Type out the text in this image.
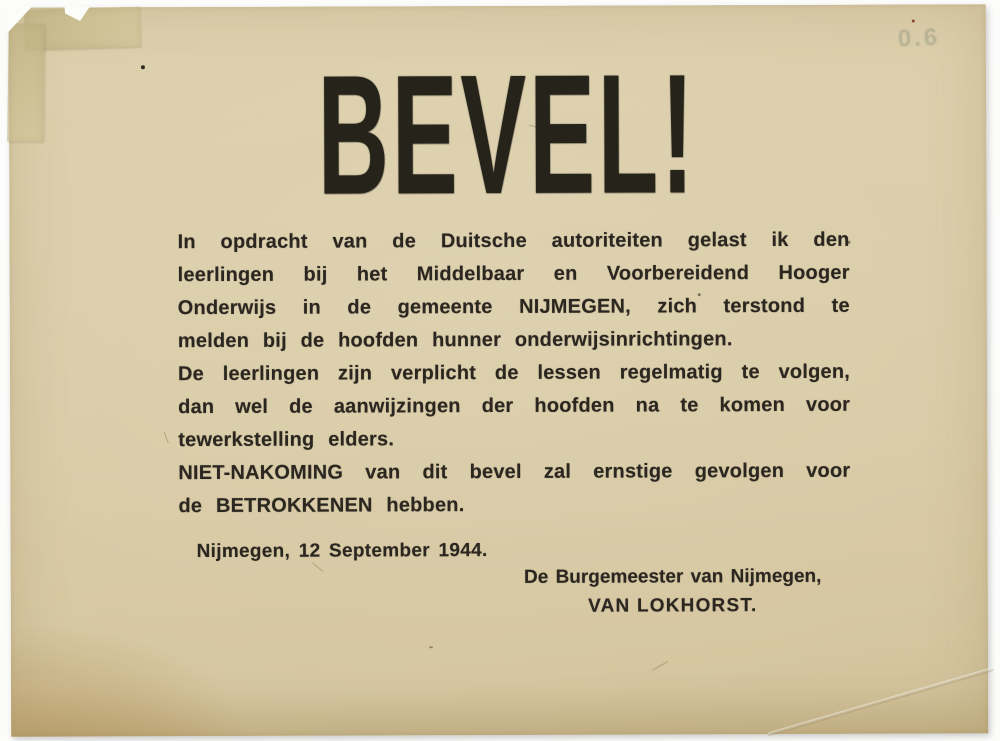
0.6
BEVEL!

In opdracht van de Duitsche autoriteiten gelast ik den
leerlingen bij het Middelbaar en Voorbereidend Hooger
Onderwijs in de gemeente NIJMEGEN, zich terstond te
melden bij de hoofden hunner onderwijsinrichtingen.

De leerlingen zijn verplicht de lessen regelmatig te volgen,
dan wel de aanwijzingen der hoofden na te komen voor
tewerkstelling elders.

NIET-NAKOMING van dit bevel zal ernstige gevolgen voor
de BETROKKENEN hebben.

Nijmegen, 12 September 1944.
De Burgemeester van Nijmegen,
VAN LOKHORST.
